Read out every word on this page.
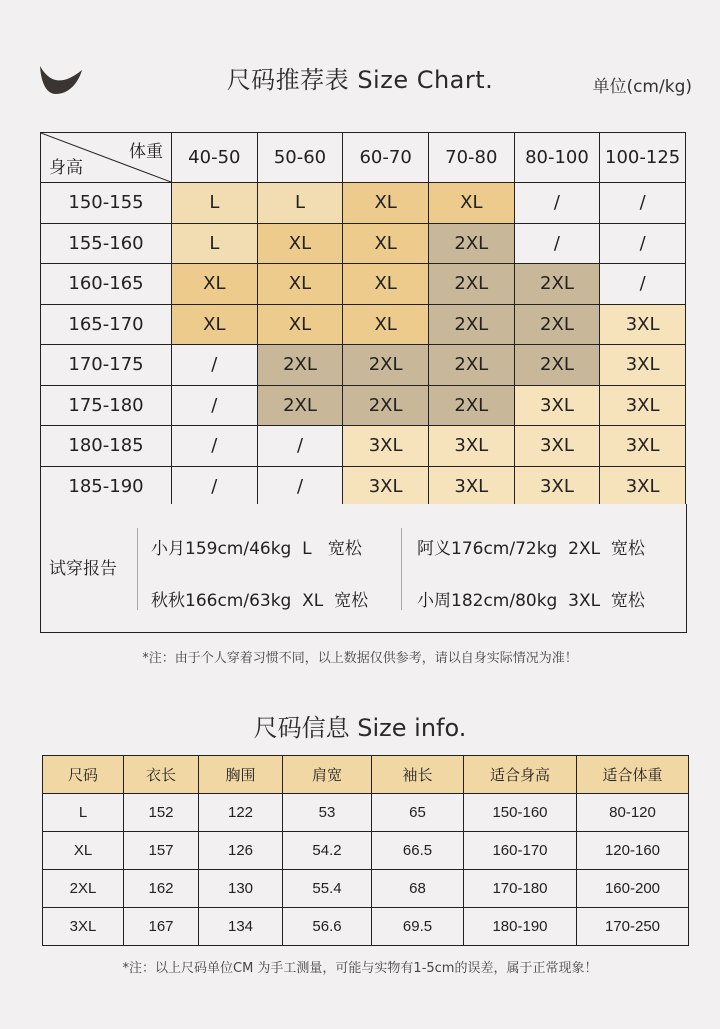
尺码推荐表 Size Chart.	单位(cm/kg)
体重
身高	40-50	50-60	60-70	70-80	80-100	100-125
150-155	L	L	XL	XL	/	/
155-160	L	XL	XL	2XL	/	/
160-165	XL	XL	XL	2XL	2XL	/
165-170	XL	XL	XL	2XL	2XL	3XL
170-175	/	2XL	2XL	2XL	2XL	3XL
175-180	/	2XL	2XL	2XL	3XL	3XL
180-185	/	/	3XL	3XL	3XL	3XL
185-190	/	/	3XL	3XL	3XL	3XL
试穿报告
小月159cm/46kg  L   宽松
秋秋166cm/63kg  XL  宽松
阿义176cm/72kg  2XL  宽松
小周182cm/80kg  3XL  宽松
*注：由于个人穿着习惯不同，以上数据仅供参考，请以自身实际情况为准！
尺码信息 Size info.
尺码	衣长	胸围	肩宽	袖长	适合身高	适合体重
L	152	122	53	65	150-160	80-120
XL	157	126	54.2	66.5	160-170	120-160
2XL	162	130	55.4	68	170-180	160-200
3XL	167	134	56.6	69.5	180-190	170-250
*注：以上尺码单位CM 为手工测量，可能与实物有1-5cm的误差，属于正常现象！
